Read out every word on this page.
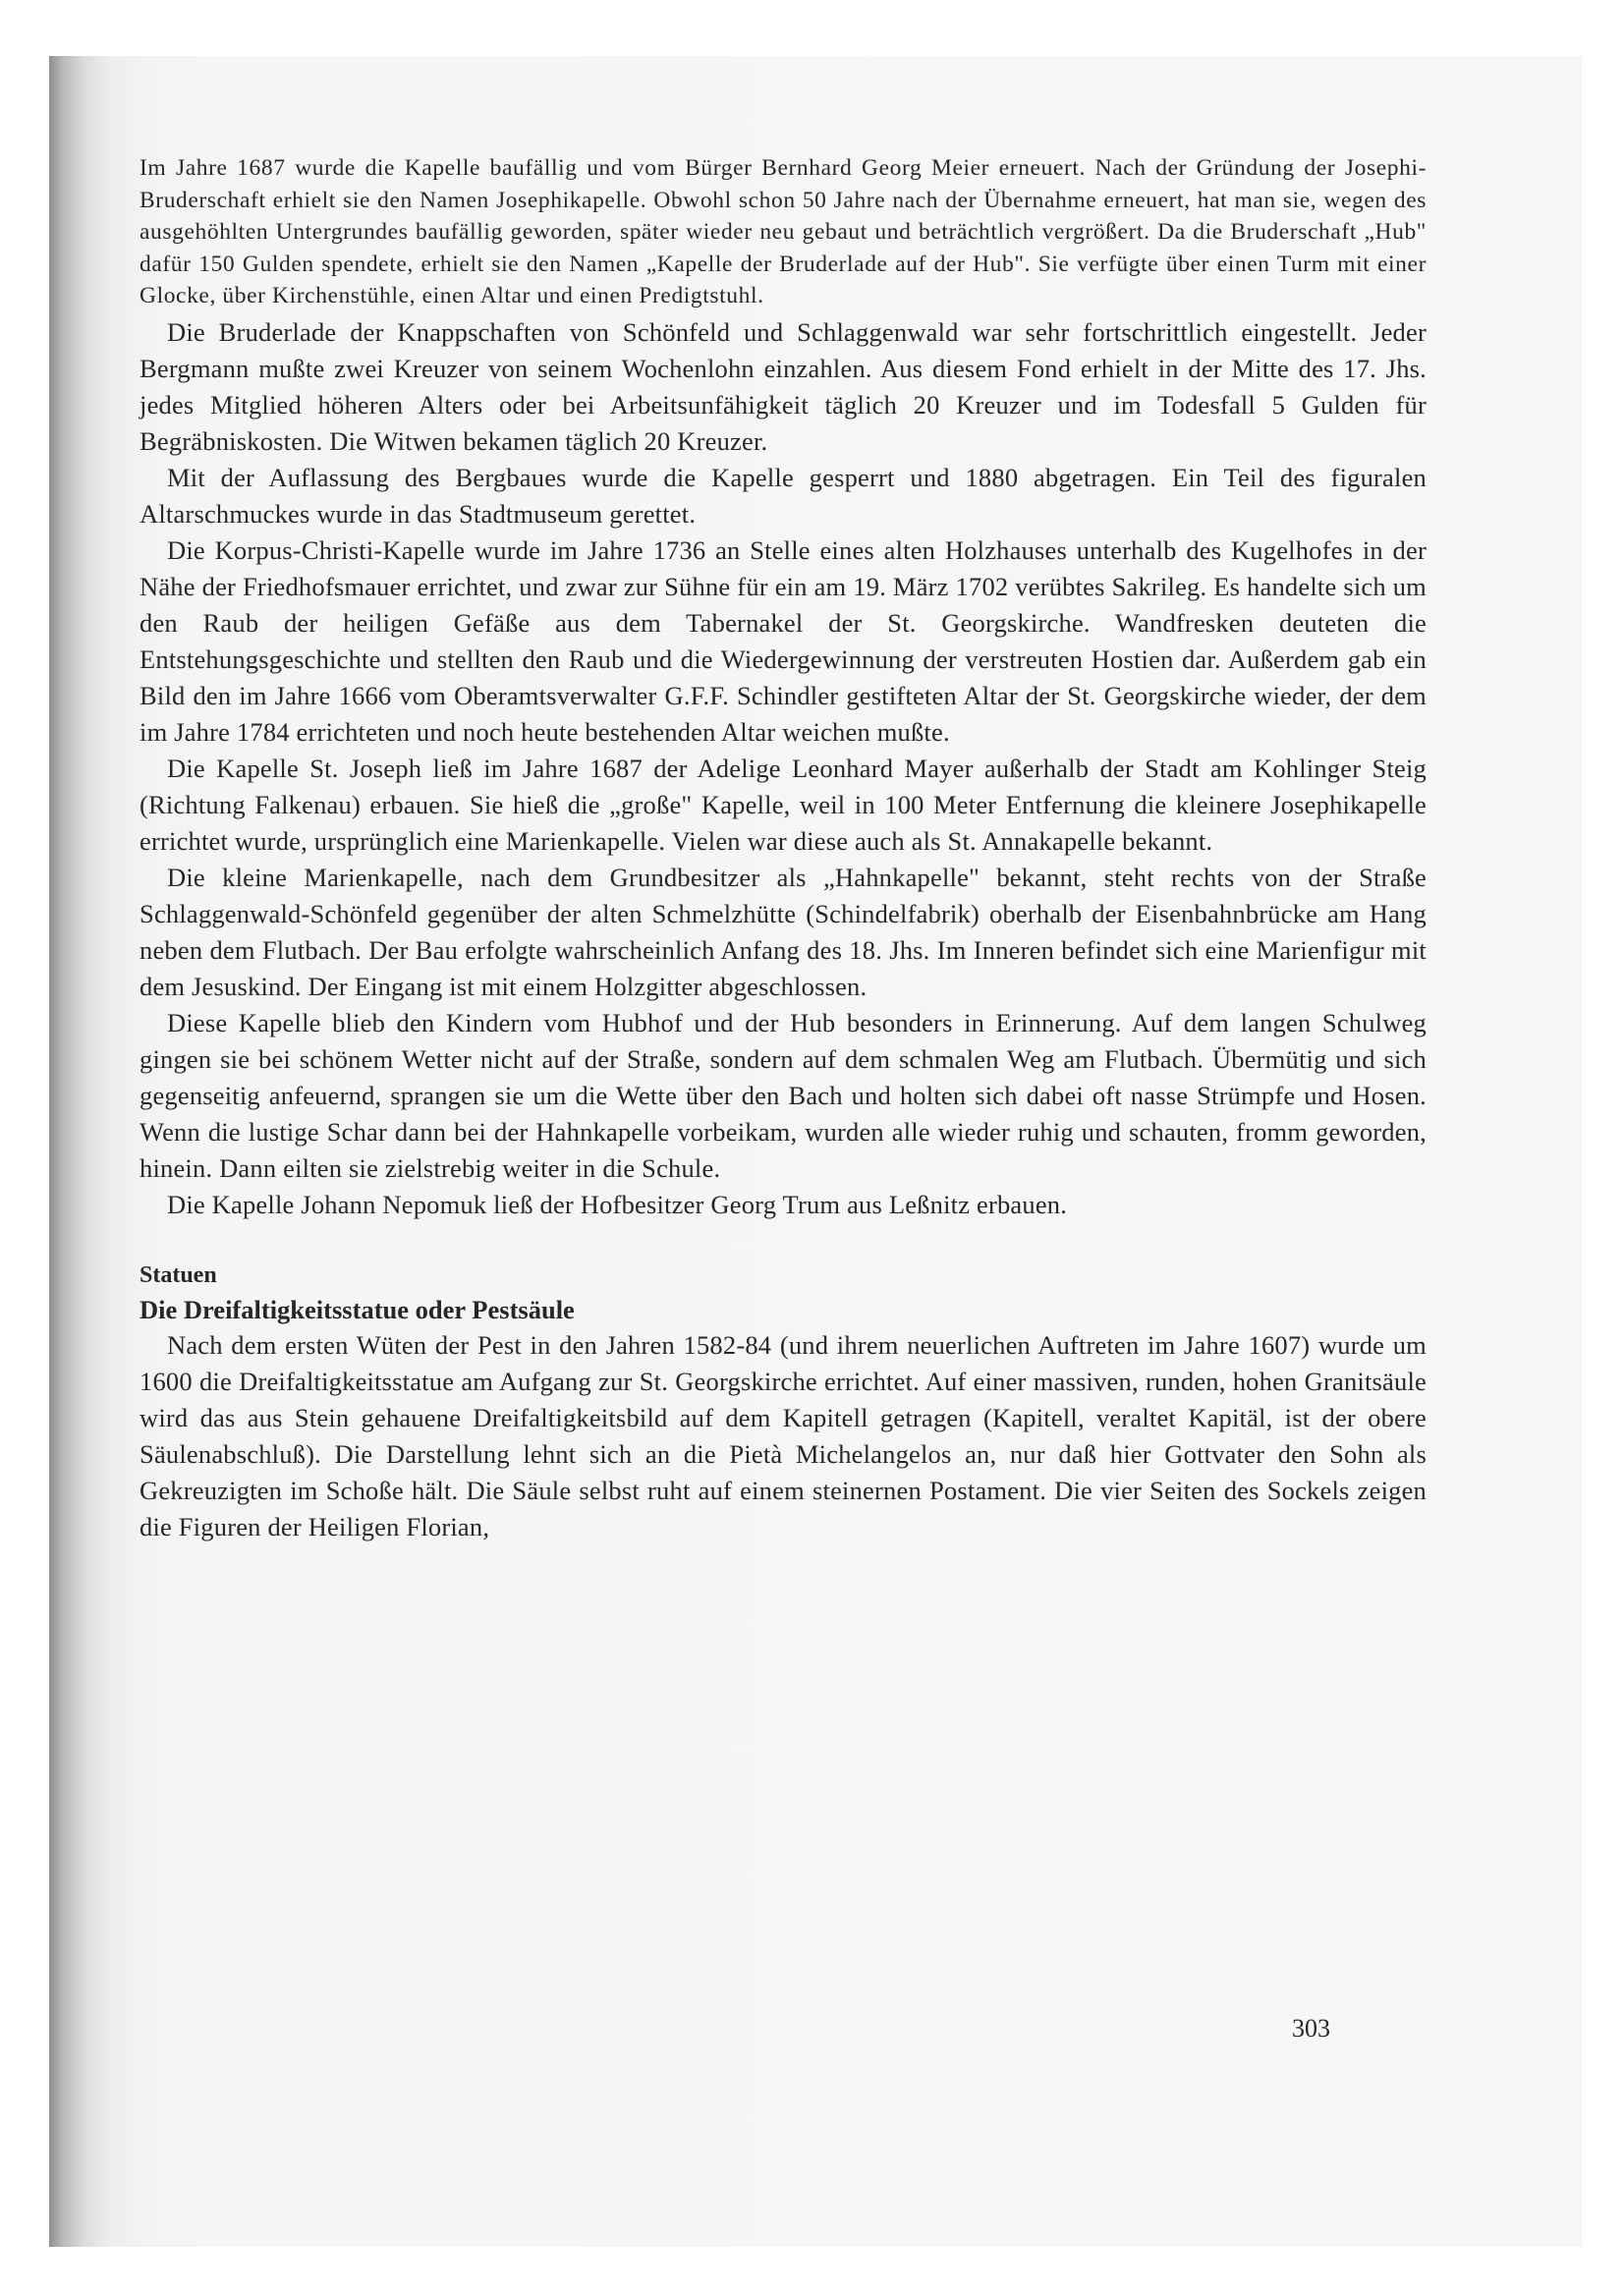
Im Jahre 1687 wurde die Kapelle baufällig und vom Bürger Bernhard Georg Meier erneuert. Nach der Gründung der Josephi-Bruderschaft erhielt sie den Namen Josephikapelle. Obwohl schon 50 Jahre nach der Übernahme erneuert, hat man sie, wegen des ausgehöhlten Untergrundes baufällig geworden, später wieder neu gebaut und beträchtlich vergrößert. Da die Bruderschaft „Hub" dafür 150 Gulden spendete, erhielt sie den Namen „Kapelle der Bruderlade auf der Hub". Sie verfügte über einen Turm mit einer Glocke, über Kirchenstühle, einen Altar und einen Predigtstuhl.

Die Bruderlade der Knappschaften von Schönfeld und Schlaggenwald war sehr fortschrittlich eingestellt. Jeder Bergmann mußte zwei Kreuzer von seinem Wochenlohn einzahlen. Aus diesem Fond erhielt in der Mitte des 17. Jhs. jedes Mitglied höheren Alters oder bei Arbeitsunfähigkeit täglich 20 Kreuzer und im Todesfall 5 Gulden für Begräbniskosten. Die Witwen bekamen täglich 20 Kreuzer.

Mit der Auflassung des Bergbaues wurde die Kapelle gesperrt und 1880 abgetragen. Ein Teil des figuralen Altarschmuckes wurde in das Stadtmuseum gerettet.

Die Korpus-Christi-Kapelle wurde im Jahre 1736 an Stelle eines alten Holzhauses unterhalb des Kugelhofes in der Nähe der Friedhofsmauer errichtet, und zwar zur Sühne für ein am 19. März 1702 verübtes Sakrileg. Es handelte sich um den Raub der heiligen Gefäße aus dem Tabernakel der St. Georgskirche. Wandfresken deuteten die Entstehungsgeschichte und stellten den Raub und die Wiedergewinnung der verstreuten Hostien dar. Außerdem gab ein Bild den im Jahre 1666 vom Oberamtsverwalter G.F.F. Schindler gestifteten Altar der St. Georgskirche wieder, der dem im Jahre 1784 errichteten und noch heute bestehenden Altar weichen mußte.

Die Kapelle St. Joseph ließ im Jahre 1687 der Adelige Leonhard Mayer außerhalb der Stadt am Kohlinger Steig (Richtung Falkenau) erbauen. Sie hieß die „große" Kapelle, weil in 100 Meter Entfernung die kleinere Josephikapelle errichtet wurde, ursprünglich eine Marienkapelle. Vielen war diese auch als St. Annakapelle bekannt.

Die kleine Marienkapelle, nach dem Grundbesitzer als „Hahnkapelle" bekannt, steht rechts von der Straße Schlaggenwald-Schönfeld gegenüber der alten Schmelzhütte (Schindelfabrik) oberhalb der Eisenbahnbrücke am Hang neben dem Flutbach. Der Bau erfolgte wahrscheinlich Anfang des 18. Jhs. Im Inneren befindet sich eine Marienfigur mit dem Jesuskind. Der Eingang ist mit einem Holzgitter abgeschlossen.

Diese Kapelle blieb den Kindern vom Hubhof und der Hub besonders in Erinnerung. Auf dem langen Schulweg gingen sie bei schönem Wetter nicht auf der Straße, sondern auf dem schmalen Weg am Flutbach. Übermütig und sich gegenseitig anfeuernd, sprangen sie um die Wette über den Bach und holten sich dabei oft nasse Strümpfe und Hosen. Wenn die lustige Schar dann bei der Hahnkapelle vorbeikam, wurden alle wieder ruhig und schauten, fromm geworden, hinein. Dann eilten sie zielstrebig weiter in die Schule.

Die Kapelle Johann Nepomuk ließ der Hofbesitzer Georg Trum aus Leßnitz erbauen.

Statuen
Die Dreifaltigkeitsstatue oder Pestsäule

Nach dem ersten Wüten der Pest in den Jahren 1582-84 (und ihrem neuerlichen Auftreten im Jahre 1607) wurde um 1600 die Dreifaltigkeitsstatue am Aufgang zur St. Georgskirche errichtet. Auf einer massiven, runden, hohen Granitsäule wird das aus Stein gehauene Dreifaltigkeitsbild auf dem Kapitell getragen (Kapitell, veraltet Kapitäl, ist der obere Säulenabschluß). Die Darstellung lehnt sich an die Pietà Michelangelos an, nur daß hier Gottvater den Sohn als Gekreuzigten im Schoße hält. Die Säule selbst ruht auf einem steinernen Postament. Die vier Seiten des Sockels zeigen die Figuren der Heiligen Florian,

303
